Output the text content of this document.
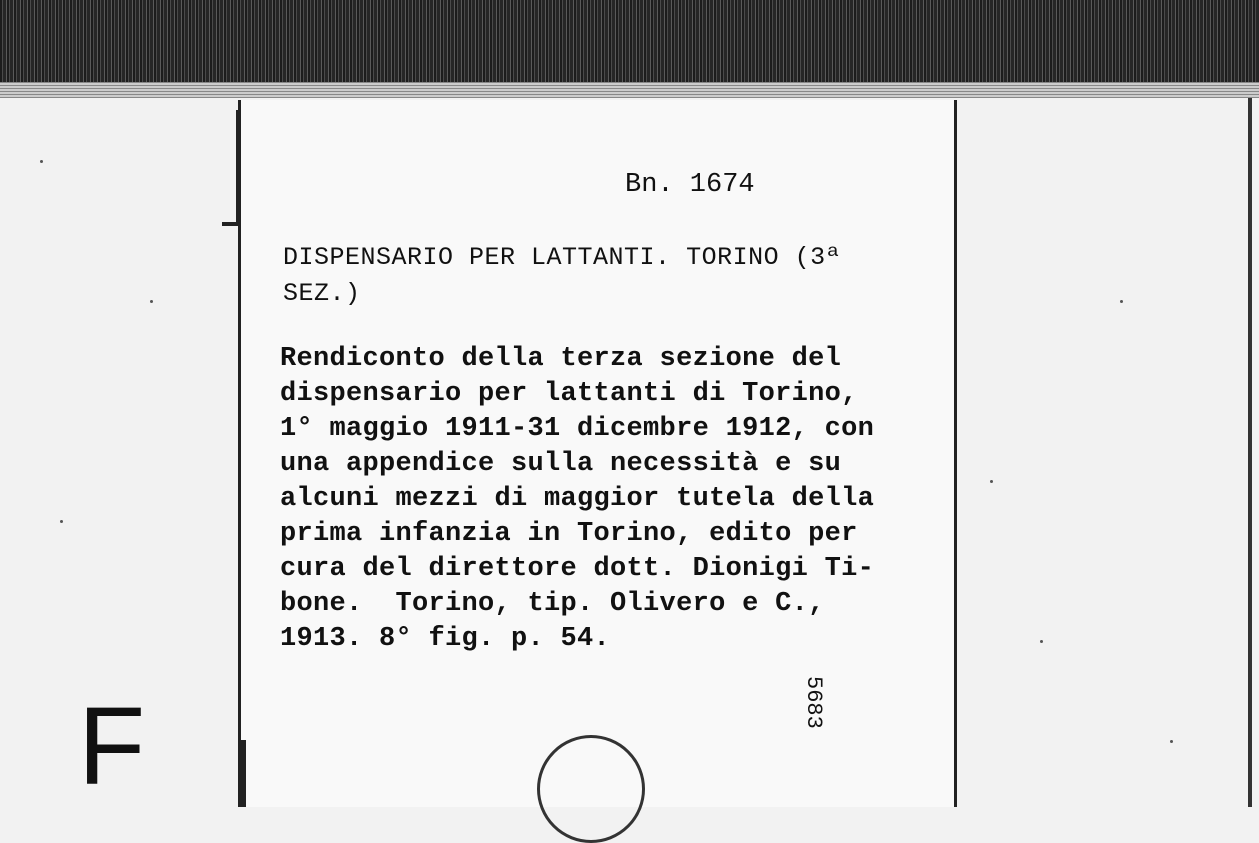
Bn. 1674
DISPENSARIO PER LATTANTI. TORINO (3ª
SEZ.)
Rendiconto della terza sezione del
dispensario per lattanti di Torino,
1° maggio 1911-31 dicembre 1912, con
una appendice sulla necessità e su
alcuni mezzi di maggior tutela della
prima infanzia in Torino, edito per
cura del direttore dott. Dionigi Ti-
bone.  Torino, tip. Olivero e C.,
1913. 8° fig. p. 54.
5683
F
